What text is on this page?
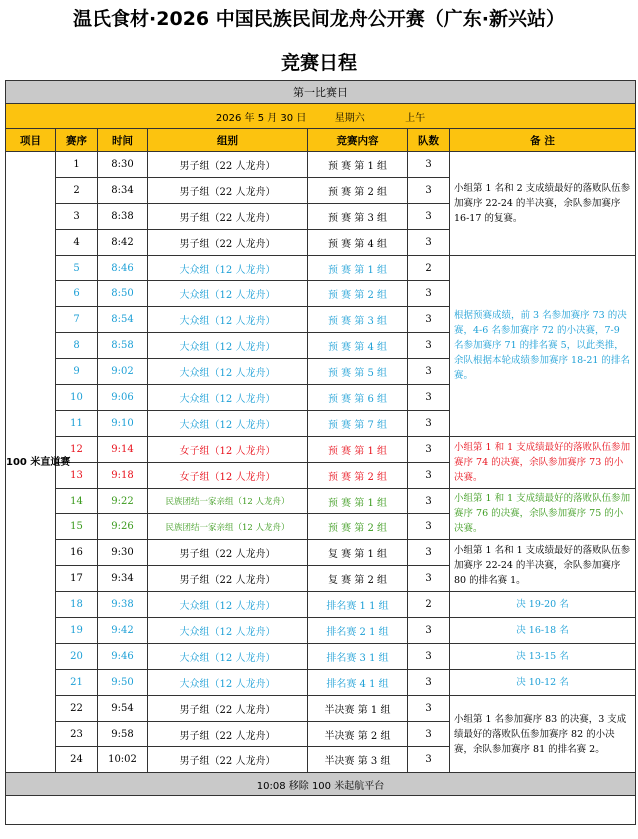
温氏食材·2026 中国民族民间龙舟公开赛（广东·新兴站）
竞赛日程
第一比赛日						
2026 年 5 月 30 日 星期六 上午						
项目	赛序	时间	组别	竞赛内容	队数	备 注
100 米直道赛	1	8:30	男子组（22 人龙舟）	预 赛 第 1 组	3	小组第 1 名和 2 支成绩最好的落败队伍参加赛序 22-24 的半决赛，余队参加赛序 16-17 的复赛。
	2	8:34	男子组（22 人龙舟）	预 赛 第 2 组	3	
	3	8:38	男子组（22 人龙舟）	预 赛 第 3 组	3	
	4	8:42	男子组（22 人龙舟）	预 赛 第 4 组	3	
	5	8:46	大众组（12 人龙舟）	预 赛 第 1 组	2	根据预赛成绩，前 3 名参加赛序 73 的决赛，4-6 名参加赛序 72 的小决赛，7-9 名参加赛序 71 的排名赛 5，以此类推，余队根据本轮成绩参加赛序 18-21 的排名赛。
	6	8:50	大众组（12 人龙舟）	预 赛 第 2 组	3	
	7	8:54	大众组（12 人龙舟）	预 赛 第 3 组	3	
	8	8:58	大众组（12 人龙舟）	预 赛 第 4 组	3	
	9	9:02	大众组（12 人龙舟）	预 赛 第 5 组	3	
	10	9:06	大众组（12 人龙舟）	预 赛 第 6 组	3	
	11	9:10	大众组（12 人龙舟）	预 赛 第 7 组	3	
	12	9:14	女子组（12 人龙舟）	预 赛 第 1 组	3	小组第 1 和 1 支成绩最好的落败队伍参加赛序 74 的决赛，余队参加赛序 73 的小决赛。
	13	9:18	女子组（12 人龙舟）	预 赛 第 2 组	3	
	14	9:22	民族团结一家亲组（12 人龙舟）	预 赛 第 1 组	3	小组第 1 和 1 支成绩最好的落败队伍参加赛序 76 的决赛，余队参加赛序 75 的小决赛。
	15	9:26	民族团结一家亲组（12 人龙舟）	预 赛 第 2 组	3	
	16	9:30	男子组（22 人龙舟）	复 赛 第 1 组	3	小组第 1 名和 1 支成绩最好的落败队伍参加赛序 22-24 的半决赛，余队参加赛序 80 的排名赛 1。
	17	9:34	男子组（22 人龙舟）	复 赛 第 2 组	3	
	18	9:38	大众组（12 人龙舟）	排名赛 1 1 组	2	决 19-20 名
	19	9:42	大众组（12 人龙舟）	排名赛 2 1 组	3	决 16-18 名
	20	9:46	大众组（12 人龙舟）	排名赛 3 1 组	3	决 13-15 名
	21	9:50	大众组（12 人龙舟）	排名赛 4 1 组	3	决 10-12 名
	22	9:54	男子组（22 人龙舟）	半决赛 第 1 组	3	小组第 1 名参加赛序 83 的决赛，3 支成绩最好的落败队伍参加赛序 82 的小决赛，余队参加赛序 81 的排名赛 2。
	23	9:58	男子组（22 人龙舟）	半决赛 第 2 组	3	
	24	10:02	男子组（22 人龙舟）	半决赛 第 3 组	3	
10:08 移除 100 米起航平台						
